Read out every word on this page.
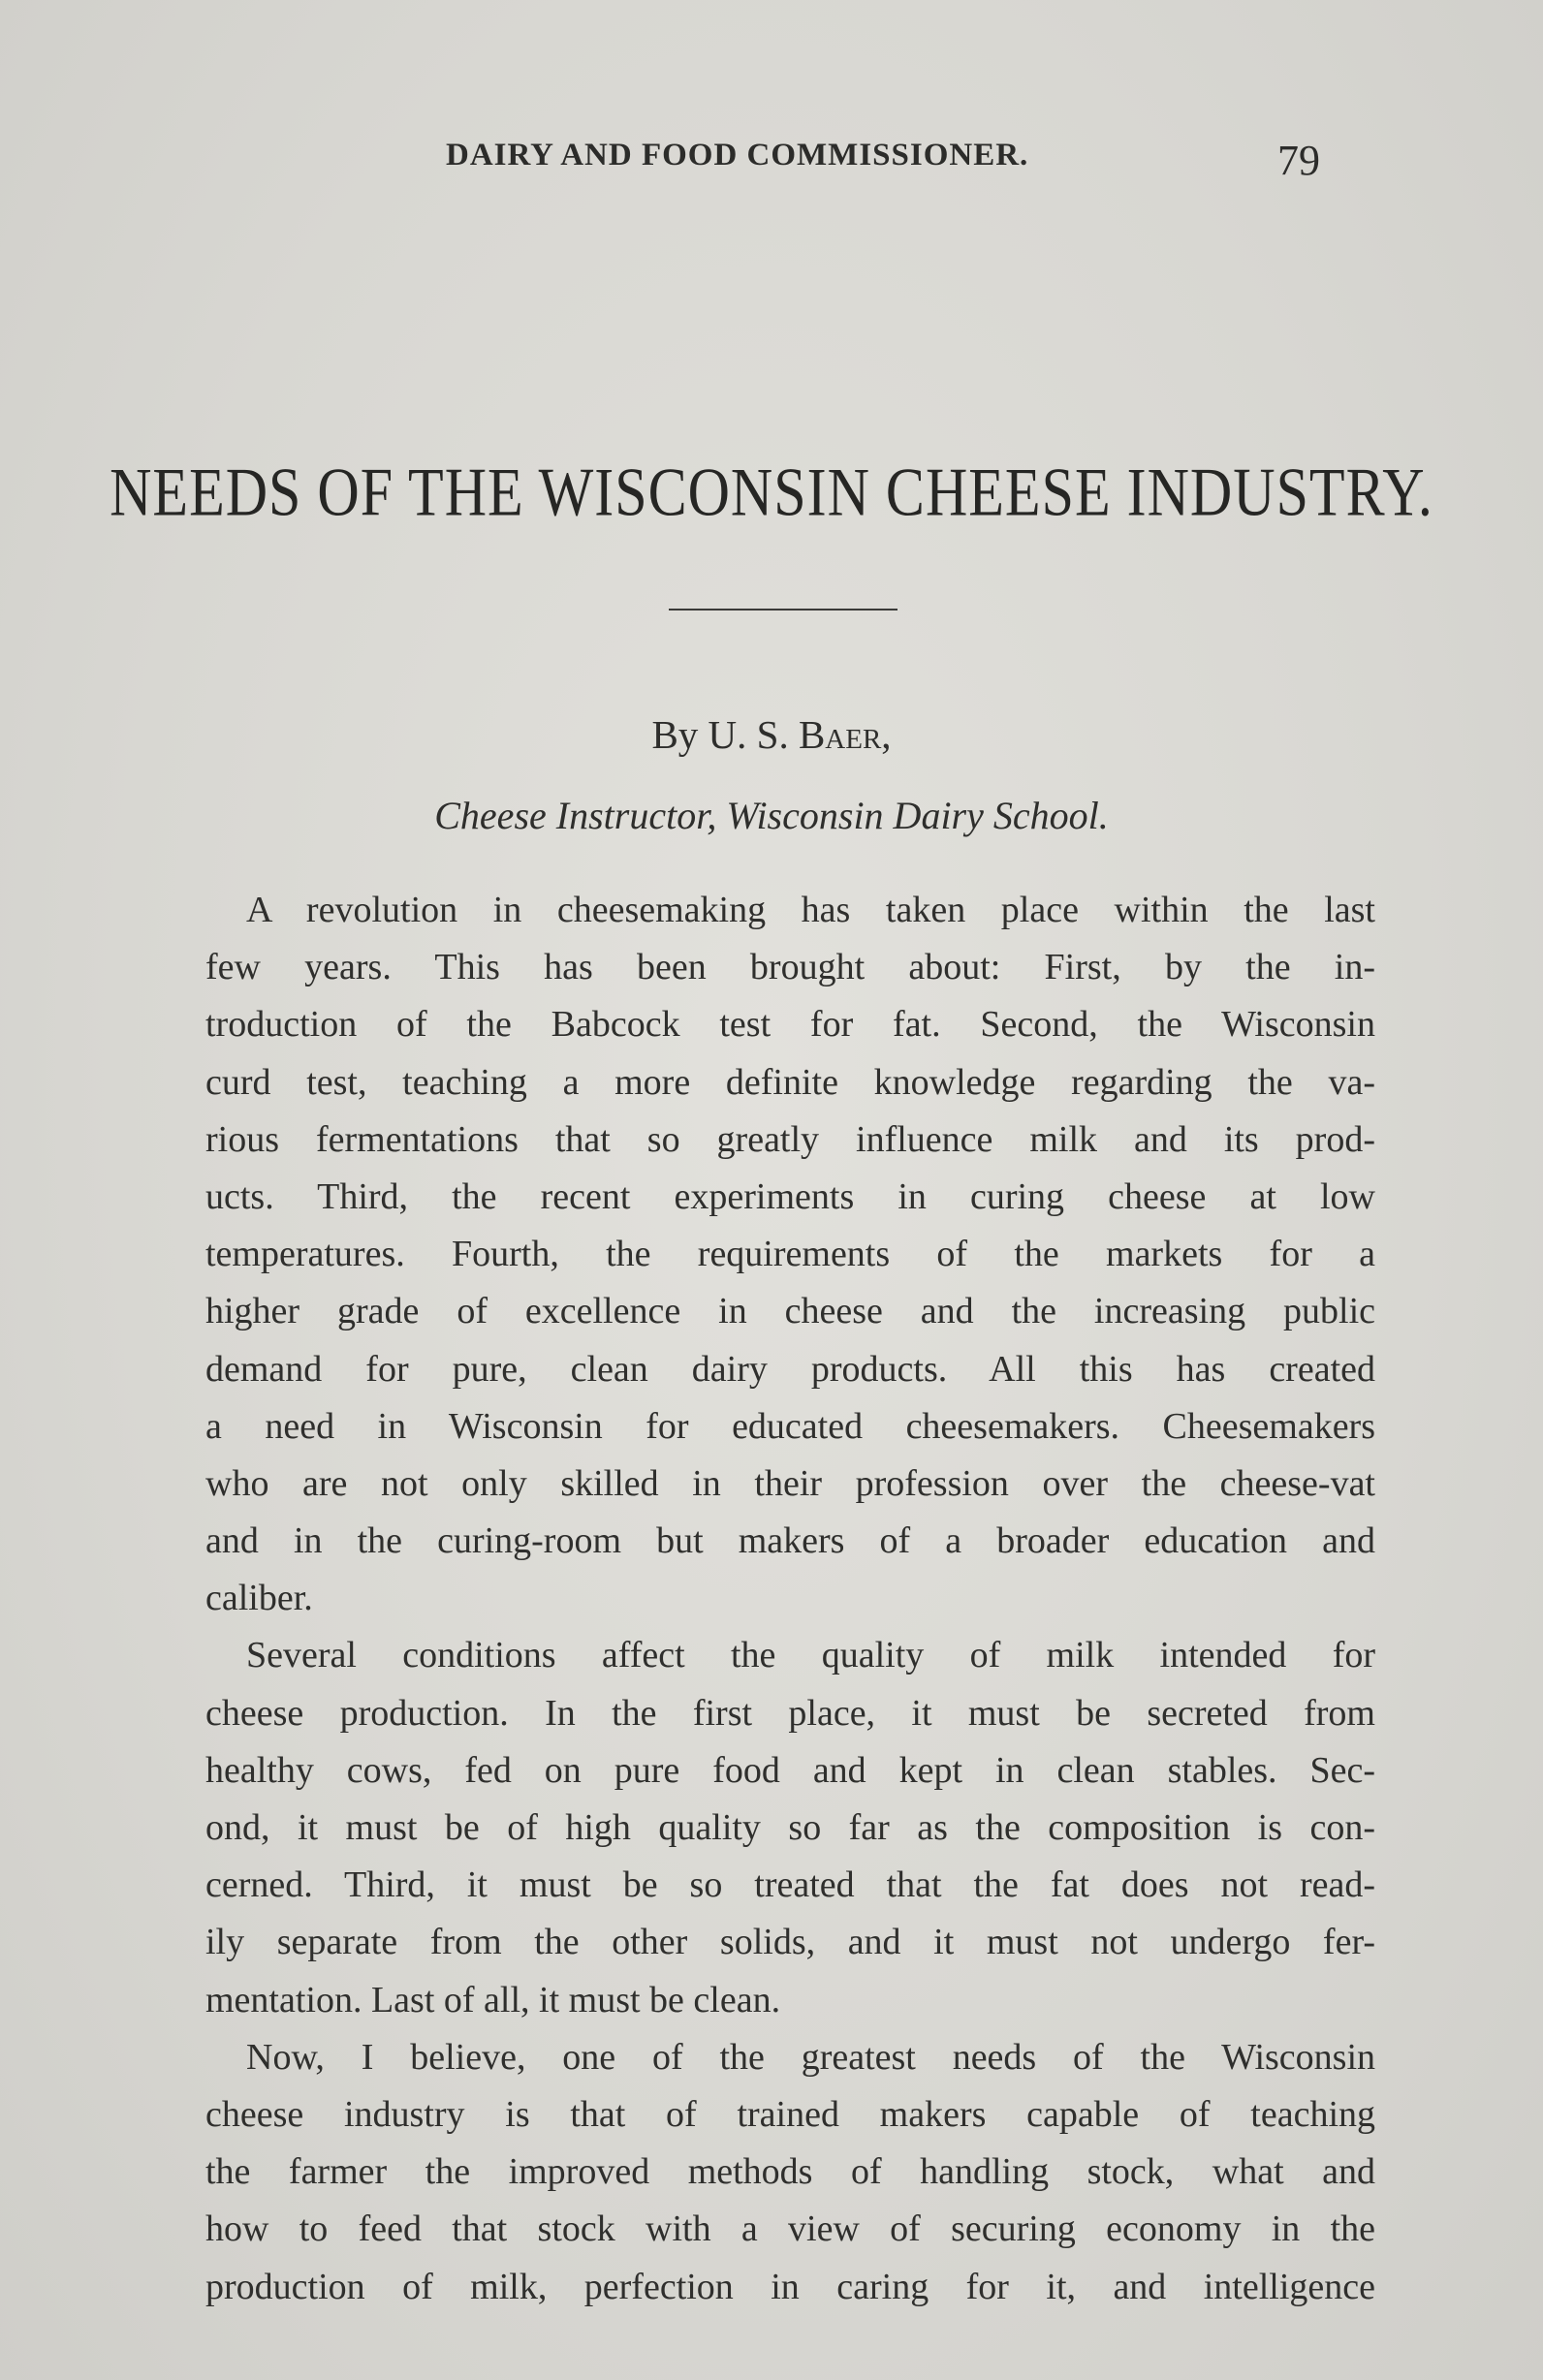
DAIRY AND FOOD COMMISSIONER.	79
NEEDS OF THE WISCONSIN CHEESE INDUSTRY.
By U. S. Baer,
Cheese Instructor, Wisconsin Dairy School.
A revolution in cheesemaking has taken place within the last
few years. This has been brought about: First, by the in-
troduction of the Babcock test for fat. Second, the Wisconsin
curd test, teaching a more definite knowledge regarding the va-
rious fermentations that so greatly influence milk and its prod-
ucts. Third, the recent experiments in curing cheese at low
temperatures. Fourth, the requirements of the markets for a
higher grade of excellence in cheese and the increasing public
demand for pure, clean dairy products. All this has created
a need in Wisconsin for educated cheesemakers. Cheesemakers
who are not only skilled in their profession over the cheese-vat
and in the curing-room but makers of a broader education and
caliber.
Several conditions affect the quality of milk intended for
cheese production. In the first place, it must be secreted from
healthy cows, fed on pure food and kept in clean stables. Sec-
ond, it must be of high quality so far as the composition is con-
cerned. Third, it must be so treated that the fat does not read-
ily separate from the other solids, and it must not undergo fer-
mentation. Last of all, it must be clean.
Now, I believe, one of the greatest needs of the Wisconsin
cheese industry is that of trained makers capable of teaching
the farmer the improved methods of handling stock, what and
how to feed that stock with a view of securing economy in the
production of milk, perfection in caring for it, and intelligence
